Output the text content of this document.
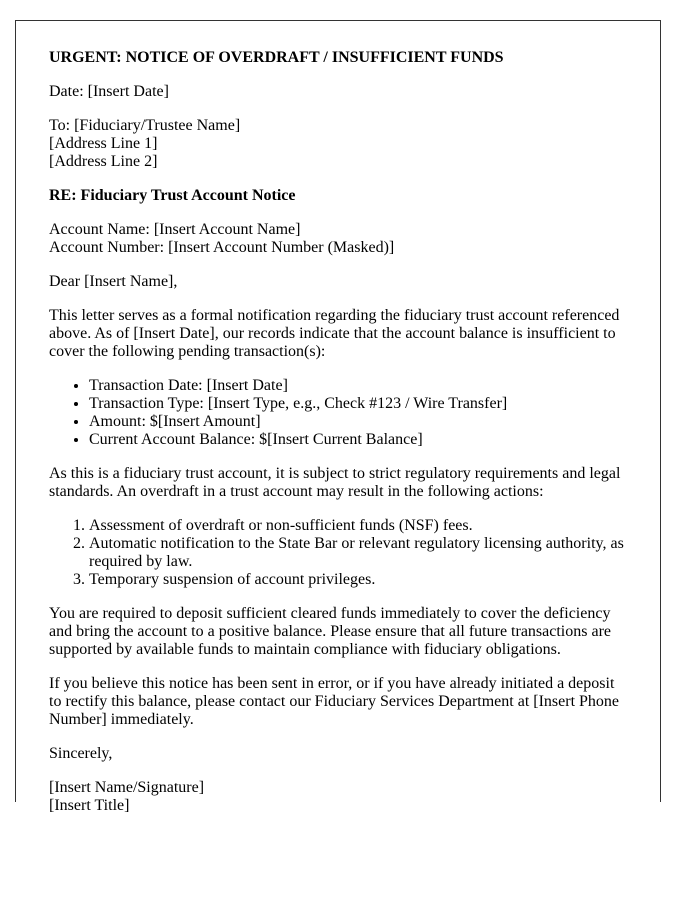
URGENT: NOTICE OF OVERDRAFT / INSUFFICIENT FUNDS

Date: [Insert Date]

To: [Fiduciary/Trustee Name]
[Address Line 1]
[Address Line 2]

RE: Fiduciary Trust Account Notice

Account Name: [Insert Account Name]
Account Number: [Insert Account Number (Masked)]

Dear [Insert Name],

This letter serves as a formal notification regarding the fiduciary trust account referenced above. As of [Insert Date], our records indicate that the account balance is insufficient to cover the following pending transaction(s):

• Transaction Date: [Insert Date]
• Transaction Type: [Insert Type, e.g., Check #123 / Wire Transfer]
• Amount: $[Insert Amount]
• Current Account Balance: $[Insert Current Balance]

As this is a fiduciary trust account, it is subject to strict regulatory requirements and legal standards. An overdraft in a trust account may result in the following actions:

1. Assessment of overdraft or non-sufficient funds (NSF) fees.
2. Automatic notification to the State Bar or relevant regulatory licensing authority, as required by law.
3. Temporary suspension of account privileges.

You are required to deposit sufficient cleared funds immediately to cover the deficiency and bring the account to a positive balance. Please ensure that all future transactions are supported by available funds to maintain compliance with fiduciary obligations.

If you believe this notice has been sent in error, or if you have already initiated a deposit to rectify this balance, please contact our Fiduciary Services Department at [Insert Phone Number] immediately.

Sincerely,

[Insert Name/Signature]
[Insert Title]
